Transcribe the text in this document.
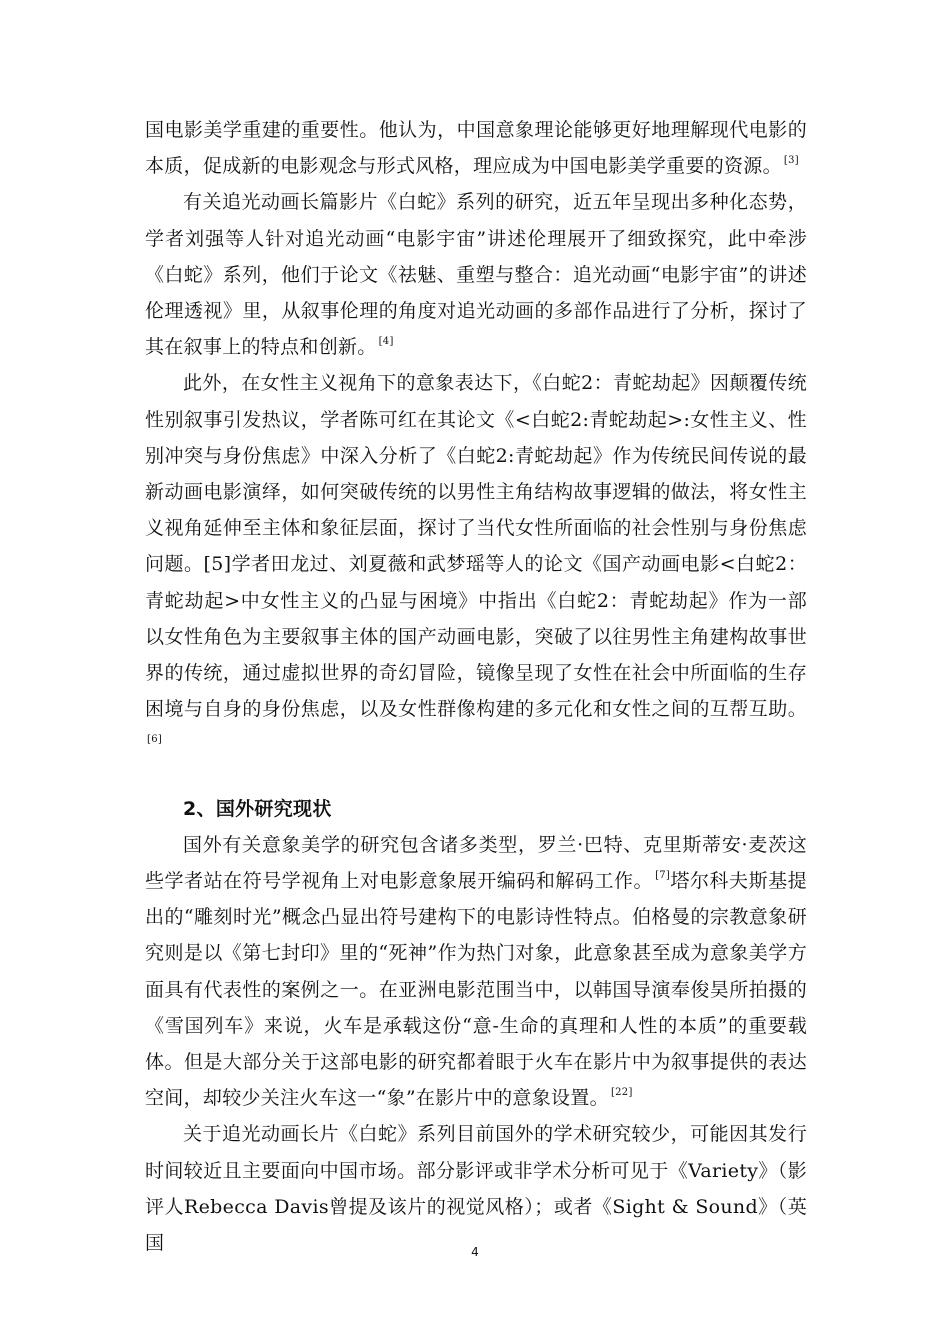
国电影美学重建的重要性。他认为，中国意象理论能够更好地理解现代电影的本质，促成新的电影观念与形式风格，理应成为中国电影美学重要的资源。 [3]

有关追光动画长篇影片《白蛇》系列的研究，近五年呈现出多种化态势，学者刘强等人针对追光动画“电影宇宙”讲述伦理展开了细致探究，此中牵涉《白蛇》系列，他们于论文《祛魅、重塑与整合：追光动画“电影宇宙”的讲述伦理透视》里，从叙事伦理的角度对追光动画的多部作品进行了分析，探讨了其在叙事上的特点和创新。 [4]

此外，在女性主义视角下的意象表达下，《白蛇2：青蛇劫起》因颠覆传统性别叙事引发热议，学者陈可红在其论文《<白蛇2:青蛇劫起>:女性主义、性别冲突与身份焦虑》中深入分析了《白蛇2:青蛇劫起》作为传统民间传说的最新动画电影演绎，如何突破传统的以男性主角结构故事逻辑的做法，将女性主义视角延伸至主体和象征层面，探讨了当代女性所面临的社会性别与身份焦虑问题。[5]学者田龙过、刘夏薇和武梦瑶等人的论文《国产动画电影<白蛇2：青蛇劫起>中女性主义的凸显与困境》中指出《白蛇2：青蛇劫起》作为一部以女性角色为主要叙事主体的国产动画电影，突破了以往男性主角建构故事世界的传统，通过虚拟世界的奇幻冒险，镜像呈现了女性在社会中所面临的生存困境与自身的身份焦虑，以及女性群像构建的多元化和女性之间的互帮互助。[6]

2、国外研究现状

国外有关意象美学的研究包含诸多类型，罗兰·巴特、克里斯蒂安·麦茨这些学者站在符号学视角上对电影意象展开编码和解码工作。 [7]塔尔科夫斯基提出的“雕刻时光”概念凸显出符号建构下的电影诗性特点。伯格曼的宗教意象研究则是以《第七封印》里的“死神”作为热门对象，此意象甚至成为意象美学方面具有代表性的案例之一。在亚洲电影范围当中，以韩国导演奉俊昊所拍摄的《雪国列车》来说，火车是承载这份“意-生命的真理和人性的本质”的重要载体。但是大部分关于这部电影的研究都着眼于火车在影片中为叙事提供的表达空间，却较少关注火车这一“象”在影片中的意象设置。 [22]

关于追光动画长片《白蛇》系列目前国外的学术研究较少，可能因其发行时间较近且主要面向中国市场。部分影评或非学术分析可见于《Variety》（影评人Rebecca Davis曾提及该片的视觉风格）；或者《Sight & Sound》（英国	4
